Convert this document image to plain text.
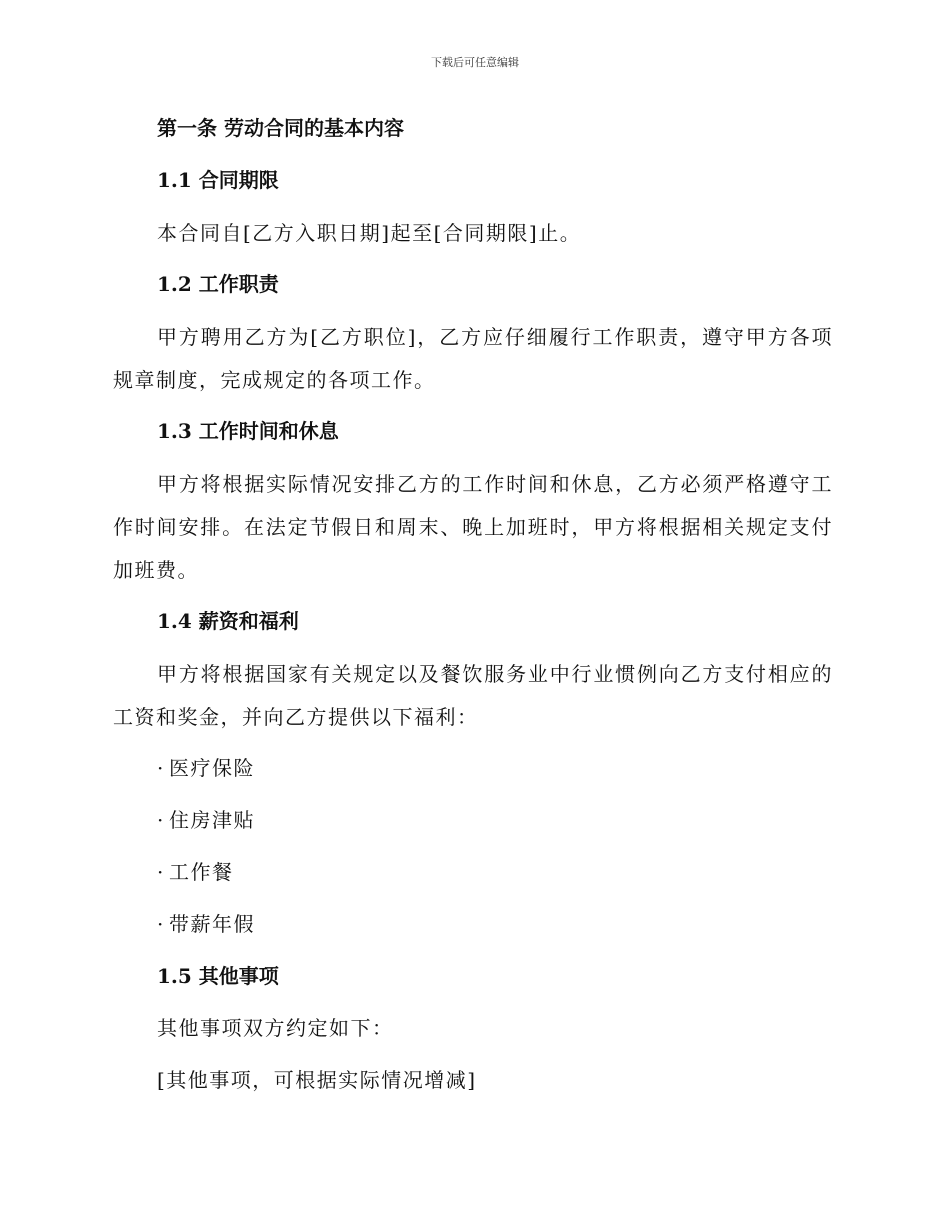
下载后可任意编辑
第一条 劳动合同的基本内容
1.1 合同期限

本合同自[乙方入职日期]起至[合同期限]止。

1.2 工作职责

甲方聘用乙方为[乙方职位]，乙方应仔细履行工作职责，遵守甲方各项规章制度，完成规定的各项工作。

1.3 工作时间和休息

甲方将根据实际情况安排乙方的工作时间和休息，乙方必须严格遵守工作时间安排。在法定节假日和周末、晚上加班时，甲方将根据相关规定支付加班费。

1.4 薪资和福利

甲方将根据国家有关规定以及餐饮服务业中行业惯例向乙方支付相应的工资和奖金，并向乙方提供以下福利：

· 医疗保险
· 住房津贴
· 工作餐
· 带薪年假
1.5 其他事项
其他事项双方约定如下：
[其他事项，可根据实际情况增减]
